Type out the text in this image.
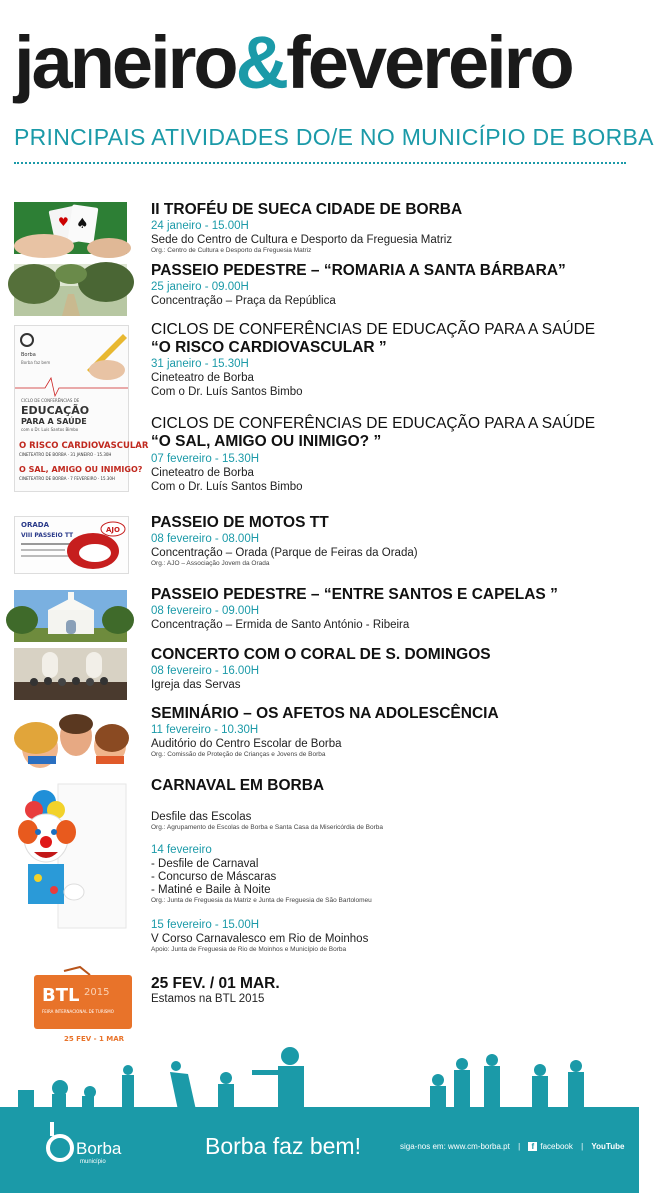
janeiro&fevereiro
PRINCIPAIS ATIVIDADES DO/E NO MUNICÍPIO DE BORBA
♠
♥
II TROFÉU DE SUECA CIDADE DE BORBA
24 janeiro - 15.00H
Sede do Centro de Cultura e Desporto da Freguesia Matriz
Org.: Centro de Cultura e Desporto da Freguesia Matriz
PASSEIO PEDESTRE – “ROMARIA A SANTA BÁRBARA”
25 janeiro - 09.00H
Concentração – Praça da República
Borba
Borba faz bem
CICLO DE CONFERÊNCIAS DE
EDUCAÇÃO
PARA A SAÚDE
com o Dr. Luís Santos Bimbo
O RISCO CARDIOVASCULAR
CINETEATRO DE BORBA · 31 JANEIRO · 15.30H
O SAL, AMIGO OU INIMIGO?
CINETEATRO DE BORBA · 7 FEVEREIRO · 15.30H
CICLOS DE CONFERÊNCIAS DE EDUCAÇÃO PARA A SAÚDE
“O RISCO CARDIOVASCULAR ”
31 janeiro - 15.30H
Cineteatro de Borba
Com o Dr. Luís Santos Bimbo
CICLOS DE CONFERÊNCIAS DE EDUCAÇÃO PARA A SAÚDE
“O SAL, AMIGO OU INIMIGO? ”
07 fevereiro - 15.30H
Cineteatro de Borba
Com o Dr. Luís Santos Bimbo
ORADA
VIII PASSEIO TT
AJO PASSEIO DE MOTOS TT
08 fevereiro - 08.00H
Concentração – Orada (Parque de Feiras da Orada)
Org.: AJO – Associação Jovem da Orada
PASSEIO PEDESTRE – “ENTRE SANTOS E CAPELAS ”
08 fevereiro - 09.00H
Concentração – Ermida de Santo António - Ribeira
CONCERTO COM O CORAL DE S. DOMINGOS
08 fevereiro - 16.00H
Igreja das Servas
SEMINÁRIO – OS AFETOS NA ADOLESCÊNCIA
11 fevereiro - 10.30H
Auditório do Centro Escolar de Borba
Org.: Comissão de Proteção de Crianças e Jovens de Borba
CARNAVAL EM BORBA
Desfile das Escolas
Org.: Agrupamento de Escolas de Borba e Santa Casa da Misericórdia de Borba
14 fevereiro
- Desfile de Carnaval
- Concurso de Máscaras
- Matiné e Baile à Noite
Org.: Junta de Freguesia da Matriz e Junta de Freguesia de São Bartolomeu
15 fevereiro - 15.00H
V Corso Carnavalesco em Rio de Moinhos
Apoio: Junta de Freguesia de Rio de Moinhos e Município de Borba
BTL 2015
FEIRA INTERNACIONAL DE TURISMO
25 FEV - 1 MAR
25 FEV. / 01 MAR.
Estamos na BTL 2015
Borba
município
Borba faz bem!	siga-nos em: www.cm-borba.pt | f facebook | YouTube
